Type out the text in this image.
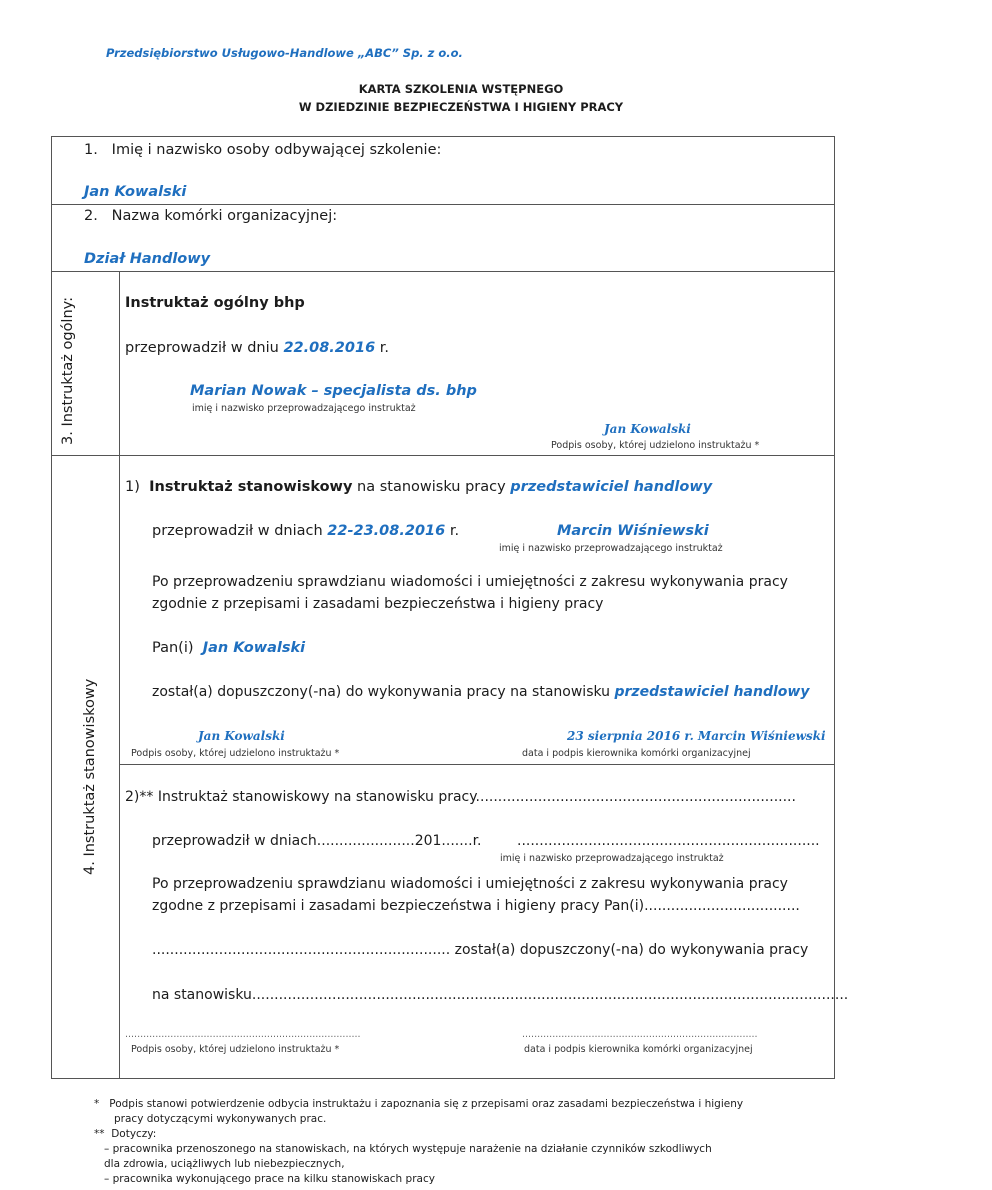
Przedsiębiorstwo Usługowo-Handlowe „ABC” Sp. z o.o.
KARTA SZKOLENIA WSTĘPNEGO
W DZIEDZINIE BEZPIECZEŃSTWA I HIGIENY PRACY
1. Imię i nazwisko osoby odbywającej szkolenie:
Jan Kowalski
2. Nazwa komórki organizacyjnej:
Dział Handlowy
3. Instruktaż ogólny:	Instruktaż ogólny bhp
przeprowadził w dniu 22.08.2016 r.
Marian Nowak – specjalista ds. bhp
imię i nazwisko przeprowadzającego instruktaż
Jan Kowalski
Podpis osoby, której udzielono instruktażu *
4. Instruktaż stanowiskowy
1) Instruktaż stanowiskowy na stanowisku pracy przedstawiciel handlowy
przeprowadził w dniach 22-23.08.2016 r.	Marcin Wiśniewski
imię i nazwisko przeprowadzającego instruktaż
Po przeprowadzeniu sprawdzianu wiadomości i umiejętności z zakresu wykonywania pracy
zgodnie z przepisami i zasadami bezpieczeństwa i higieny pracy
Pan(i) Jan Kowalski
został(a) dopuszczony(-na) do wykonywania pracy na stanowisku przedstawiciel handlowy
Jan Kowalski
Podpis osoby, której udzielono instruktażu *
23 sierpnia 2016 r. Marcin Wiśniewski
data i podpis kierownika komórki organizacyjnej
2)** Instruktaż stanowiskowy na stanowisku pracy........................................................................
przeprowadził w dniach......................201.......r.	....................................................................
imię i nazwisko przeprowadzającego instruktaż
Po przeprowadzeniu sprawdzianu wiadomości i umiejętności z zakresu wykonywania pracy
zgodne z przepisami i zasadami bezpieczeństwa i higieny pracy Pan(i)...................................
................................................................... został(a) dopuszczony(-na) do wykonywania pracy
na stanowisku......................................................................................................................................
..............................................................................	..............................................................................
Podpis osoby, której udzielono instruktażu *	data i podpis kierownika komórki organizacyjnej
* Podpis stanowi potwierdzenie odbycia instruktażu i zapoznania się z przepisami oraz zasadami bezpieczeństwa i higieny
pracy dotyczącymi wykonywanych prac.
** Dotyczy:
– pracownika przenoszonego na stanowiskach, na których występuje narażenie na działanie czynników szkodliwych
dla zdrowia, uciążliwych lub niebezpiecznych,
– pracownika wykonującego prace na kilku stanowiskach pracy
